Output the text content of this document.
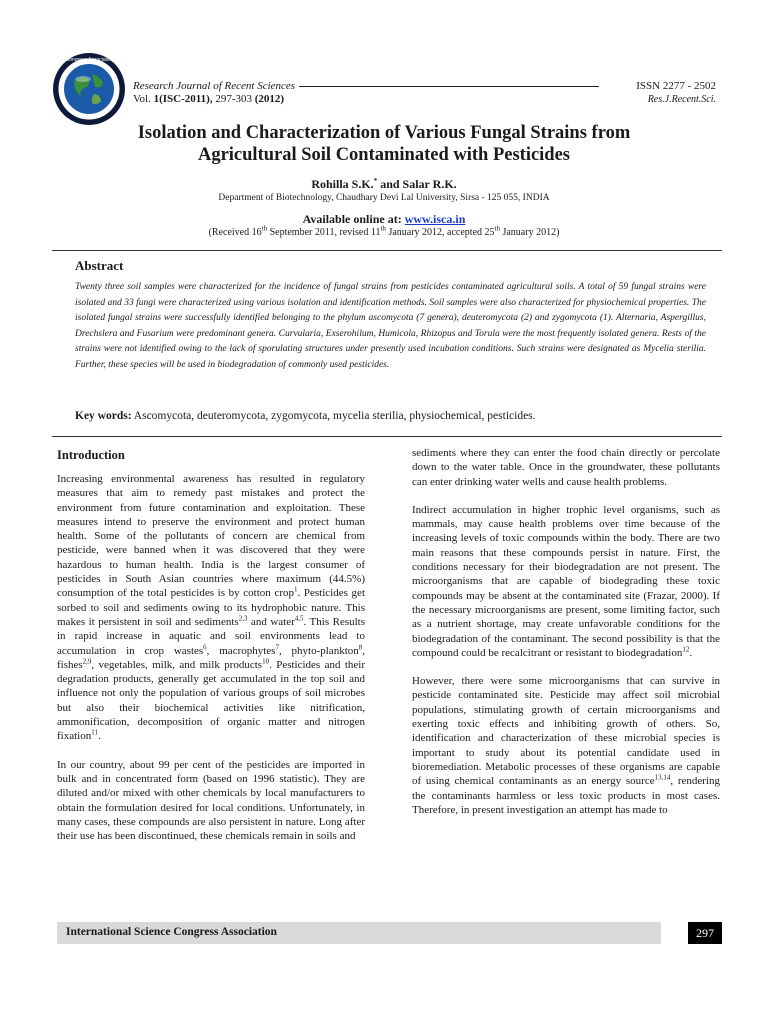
International Science Congress Association · Research Journal ·
Research Journal of Recent Sciences
Vol. 1(ISC-2011), 297-303 (2012)
ISSN 2277 - 2502
Res.J.Recent.Sci.
Isolation and Characterization of Various Fungal Strains from
Agricultural Soil Contaminated with Pesticides
Rohilla S.K.* and Salar R.K.
Department of Biotechnology, Chaudhary Devi Lal University, Sirsa - 125 055, INDIA
Available online at: www.isca.in
(Received 16th September 2011, revised 11th January 2012, accepted 25th January 2012)
Abstract
Twenty three soil samples were characterized for the incidence of fungal strains from pesticides contaminated agricultural soils. A total of 59 fungal strains were isolated and 33 fungi were characterized using various isolation and identification methods. Soil samples were also characterized for physiochemical properties. The isolated fungal strains were successfully identified belonging to the phylum ascomycota (7 genera), deuteromycota (2) and zygomycota (1). Alternaria, Aspergillus, Drechslera and Fusarium were predominant genera. Curvularia, Exserohilum, Humicola, Rhizopus and Torula were the most frequently isolated genera. Rests of the strains were not identified owing to the lack of sporulating structures under presently used incubation conditions. Such strains were designated as Mycelia sterilia. Further, these species will be used in biodegradation of commonly used pesticides.
Key words: Ascomycota, deuteromycota, zygomycota, mycelia sterilia, physiochemical, pesticides.
Introduction

Increasing environmental awareness has resulted in regulatory measures that aim to remedy past mistakes and protect the environment from future contamination and exploitation. These measures intend to preserve the environment and protect human health. Some of the pollutants of concern are chemical from pesticide, were banned when it was discovered that they were hazardous to human health. India is the largest consumer of pesticides in South Asian countries where maximum (44.5%) consumption of the total pesticides is by cotton crop$^1$. Pesticides get sorbed to soil and sediments owing to its hydrophobic nature. This makes it persistent in soil and sediments$^{2,3}$ and water$^{4,5}$. This Results in rapid increase in aquatic and soil environments lead to accumulation in crop wastes$^6$, macrophytes$^7$, phyto-plankton$^8$, fishes$^{2,9}$, vegetables, milk, and milk products$^{10}$. Pesticides and their degradation products, generally get accumulated in the top soil and influence not only the population of various groups of soil microbes but also their biochemical activities like nitrification, ammonification, decomposition of organic matter and nitrogen fixation$^{11}$.

In our country, about 99 per cent of the pesticides are imported in bulk and in concentrated form (based on 1996 statistic). They are diluted and/or mixed with other chemicals by local manufacturers to obtain the formulation desired for local conditions. Unfortunately, in many cases, these compounds are also persistent in nature. Long after their use has been discontinued, these chemicals remain in soils and

sediments where they can enter the food chain directly or percolate down to the water table. Once in the groundwater, these pollutants can enter drinking water wells and cause health problems.

Indirect accumulation in higher trophic level organisms, such as mammals, may cause health problems over time because of the increasing levels of toxic compounds within the body. There are two main reasons that these compounds persist in nature. First, the conditions necessary for their biodegradation are not present. The microorganisms that are capable of biodegrading these toxic compounds may be absent at the contaminated site (Frazar, 2000). If the necessary microorganisms are present, some limiting factor, such as a nutrient shortage, may create unfavorable conditions for the biodegradation of the contaminant. The second possibility is that the compound could be recalcitrant or resistant to biodegradation$^{12}$.

However, there were some microorganisms that can survive in pesticide contaminated site. Pesticide may affect soil microbial populations, stimulating growth of certain microorganisms and exerting toxic effects and inhibiting growth of others. So, identification and characterization of these microbial species is important to study about its potential candidate used in bioremediation. Metabolic processes of these organisms are capable of using chemical contaminants as an energy source$^{13,14}$, rendering the contaminants harmless or less toxic products in most cases. Therefore, in present investigation an attempt has made to

International Science Congress Association	297
